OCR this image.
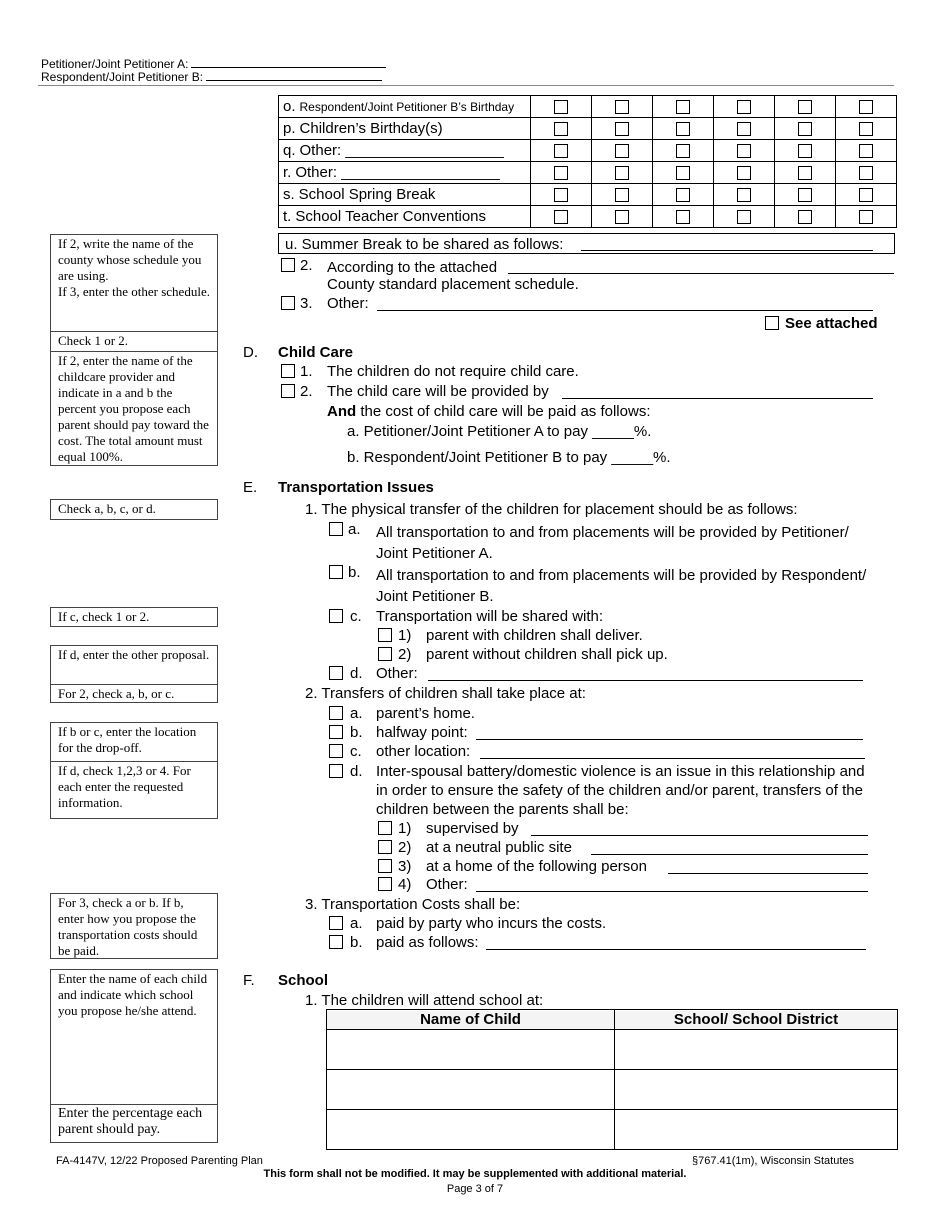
Petitioner/Joint Petitioner A:
Respondent/Joint Petitioner B:
o. Respondent/Joint Petitioner B’s Birthday						
p. Children’s Birthday(s)						
q. Other: ___________________						
r. Other: ___________________						
s. School Spring Break						
t. School Teacher Conventions						
u. Summer Break to be shared as follows:
2. According to the attached
County standard placement schedule.
3. Other:
See attached
If 2, write the name of the county whose schedule you are using.
If 3, enter the other schedule.
Check 1 or 2.
If 2, enter the name of the childcare provider and indicate in a and b the percent you propose each parent should pay toward the cost. The total amount must equal 100%.
Check a, b, c, or d.
If c, check 1 or 2.
If d, enter the other proposal.
For 2, check a, b, or c.
If b or c, enter the location for the drop-off.
If d, check 1,2,3 or 4. For each enter the requested information.
For 3, check a or b. If b, enter how you propose the transportation costs should be paid.
Enter the name of each child and indicate which school you propose he/she attend.
Enter the percentage each parent should pay.
D. Child Care
1. The children do not require child care.
2. The child care will be provided by
And the cost of child care will be paid as follows:
a. Petitioner/Joint Petitioner A to pay _____%.
b. Respondent/Joint Petitioner B to pay _____%.
E. Transportation Issues
1. The physical transfer of the children for placement should be as follows:
a. All transportation to and from placements will be provided by Petitioner/
Joint Petitioner A.
b. All transportation to and from placements will be provided by Respondent/
Joint Petitioner B.
c. Transportation will be shared with:
1) parent with children shall deliver.
2) parent without children shall pick up.
d. Other:
2. Transfers of children shall take place at:
a. parent’s home.
b. halfway point:
c. other location:
d. Inter-spousal battery/domestic violence is an issue in this relationship and
in order to ensure the safety of the children and/or parent, transfers of the
children between the parents shall be:
1) supervised by
2) at a neutral public site
3) at a home of the following person
4) Other:
3. Transportation Costs shall be:
a. paid by party who incurs the costs.
b. paid as follows:
F. School
1. The children will attend school at:
Name of Child	School/ School District

FA-4147V, 12/22 Proposed Parenting Plan	§767.41(1m), Wisconsin Statutes
This form shall not be modified. It may be supplemented with additional material.
Page 3 of 7
